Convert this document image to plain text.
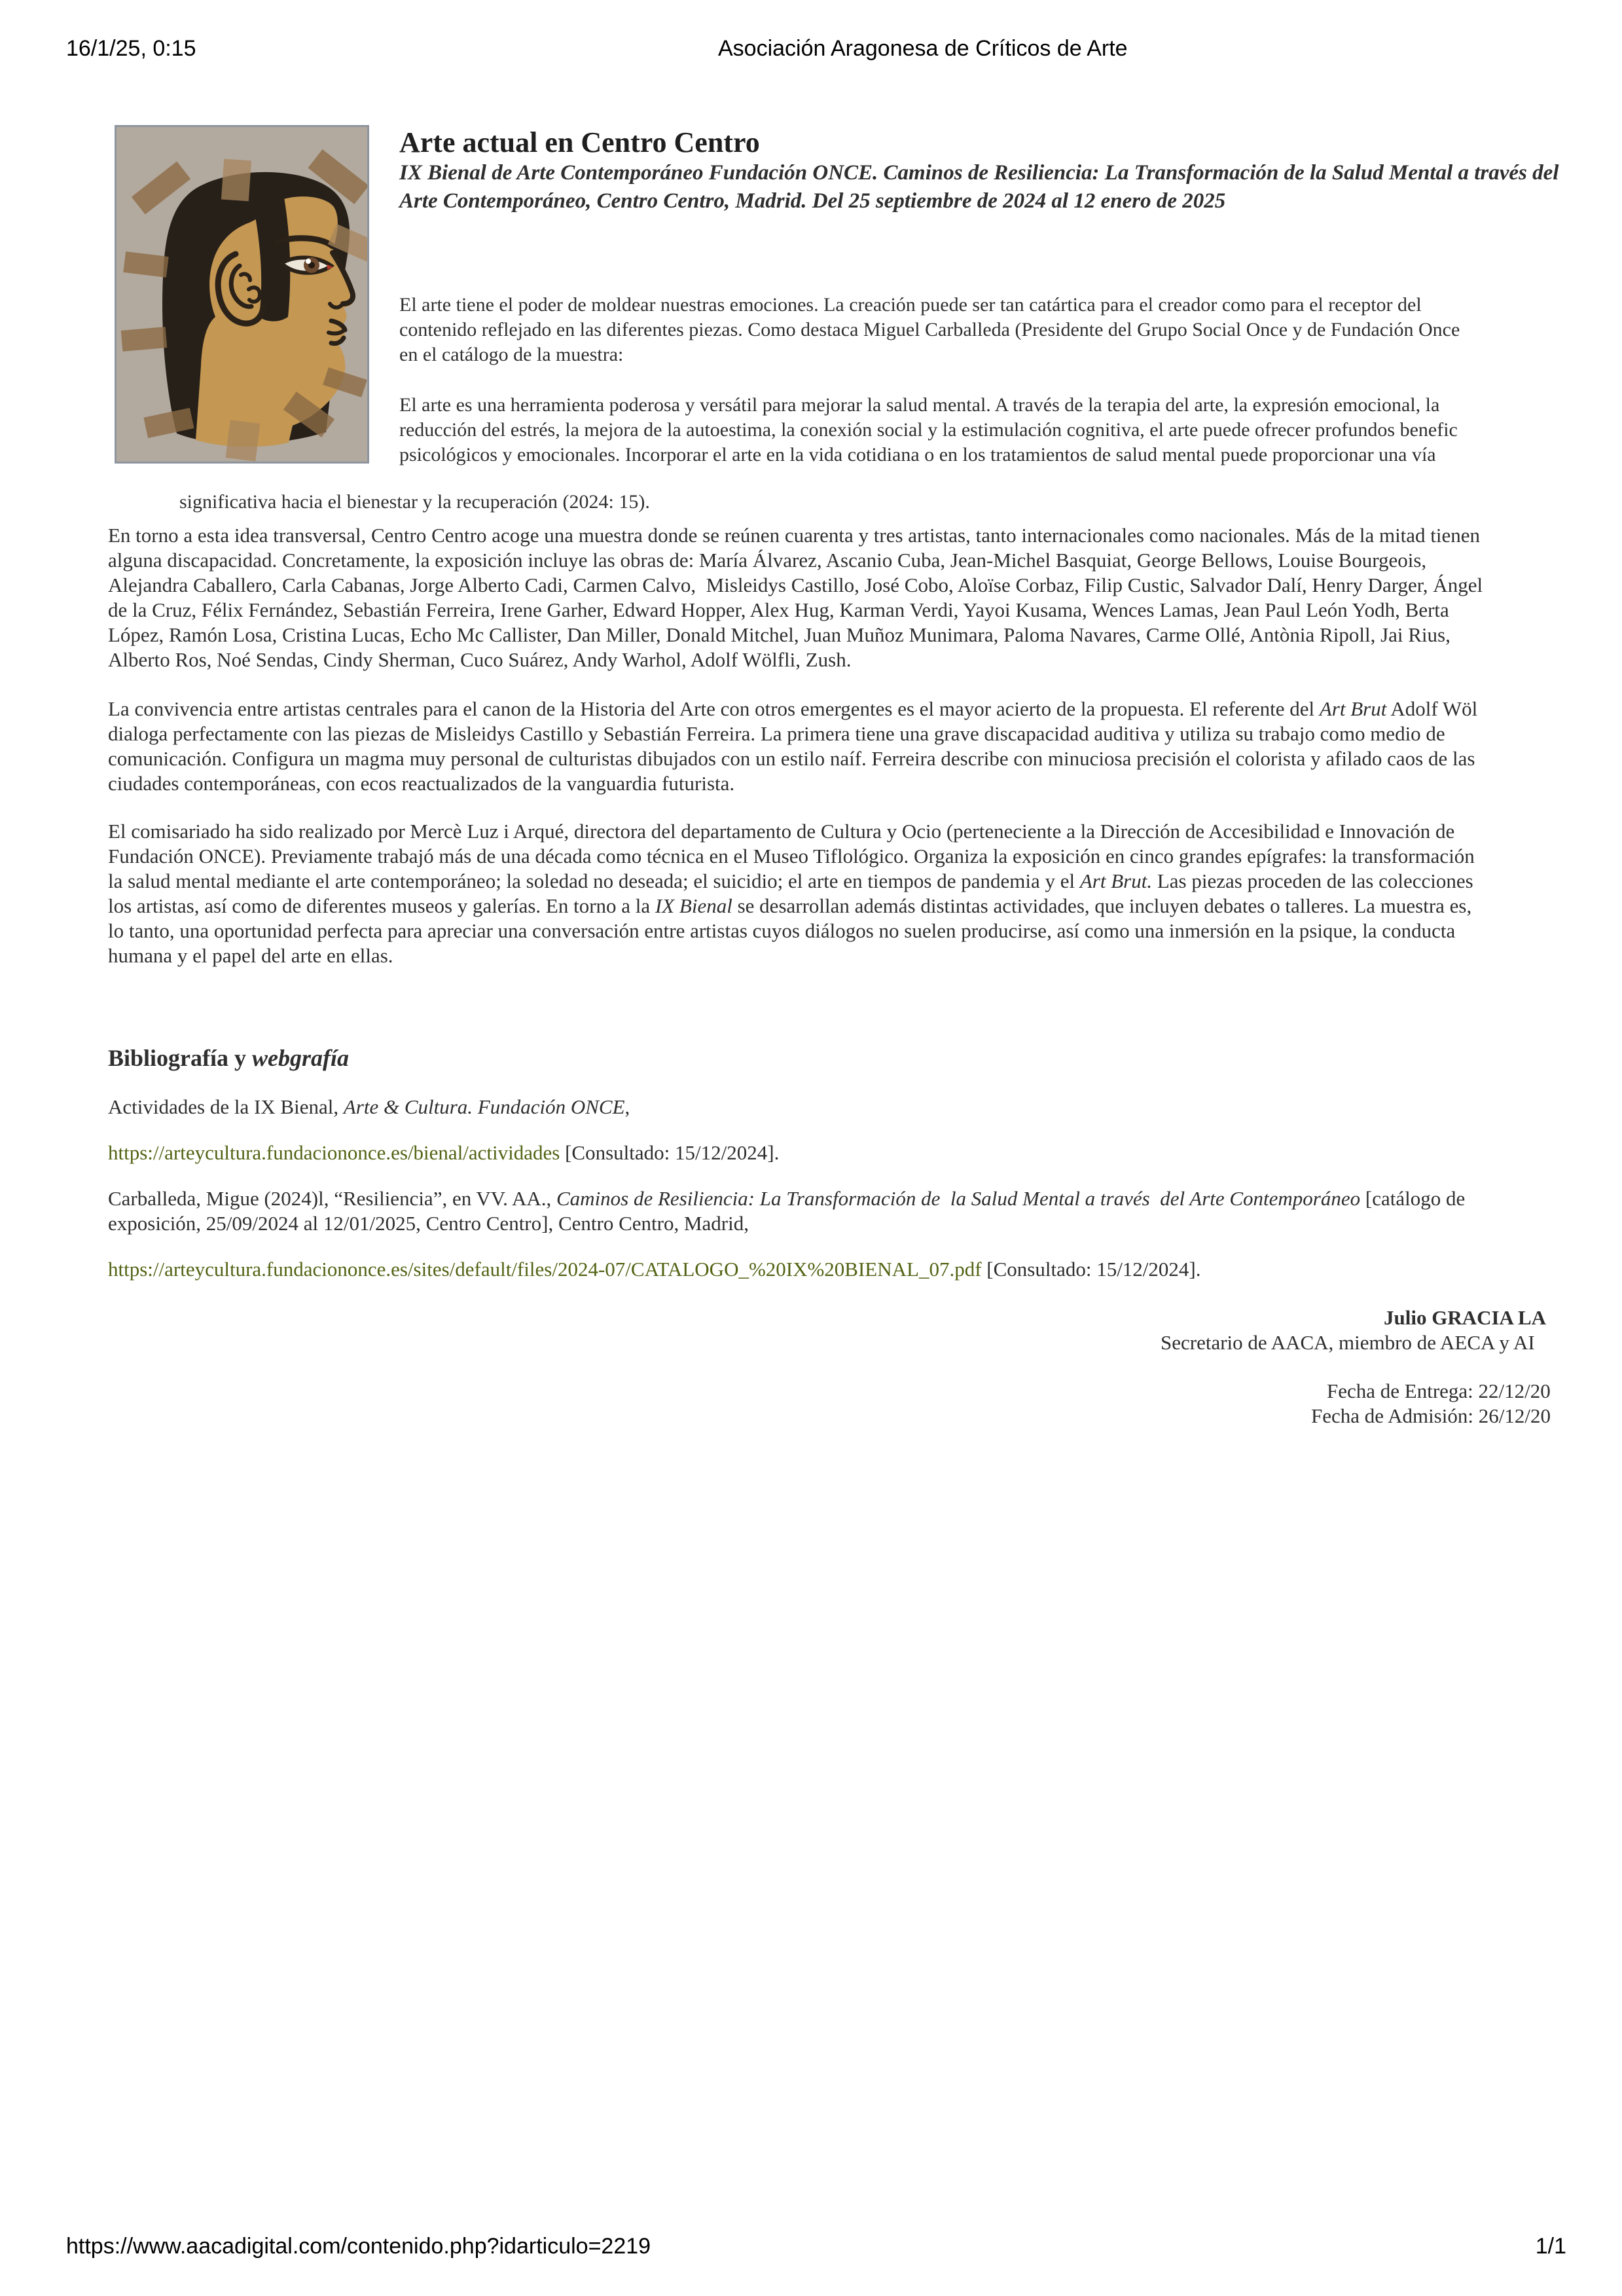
16/1/25, 0:15	Asociación Aragonesa de Críticos de Arte
Arte actual en Centro Centro
IX Bienal de Arte Contemporáneo Fundación ONCE. Caminos de Resiliencia: La Transformación de la Salud Mental a través del
Arte Contemporáneo, Centro Centro, Madrid. Del 25 septiembre de 2024 al 12 enero de 2025
El arte tiene el poder de moldear nuestras emociones. La creación puede ser tan catártica para el creador como para el receptor del
contenido reflejado en las diferentes piezas. Como destaca Miguel Carballeda (Presidente del Grupo Social Once y de Fundación Once
en el catálogo de la muestra:
El arte es una herramienta poderosa y versátil para mejorar la salud mental. A través de la terapia del arte, la expresión emocional, la
reducción del estrés, la mejora de la autoestima, la conexión social y la estimulación cognitiva, el arte puede ofrecer profundos benefic
psicológicos y emocionales. Incorporar el arte en la vida cotidiana o en los tratamientos de salud mental puede proporcionar una vía
significativa hacia el bienestar y la recuperación (2024: 15).
En torno a esta idea transversal, Centro Centro acoge una muestra donde se reúnen cuarenta y tres artistas, tanto internacionales como nacionales. Más de la mitad tienen
alguna discapacidad. Concretamente, la exposición incluye las obras de: María Álvarez, Ascanio Cuba, Jean-Michel Basquiat, George Bellows, Louise Bourgeois,
Alejandra Caballero, Carla Cabanas, Jorge Alberto Cadi, Carmen Calvo,  Misleidys Castillo, José Cobo, Aloïse Corbaz, Filip Custic, Salvador Dalí, Henry Darger, Ángel
de la Cruz, Félix Fernández, Sebastián Ferreira, Irene Garher, Edward Hopper, Alex Hug, Karman Verdi, Yayoi Kusama, Wences Lamas, Jean Paul León Yodh, Berta
López, Ramón Losa, Cristina Lucas, Echo Mc Callister, Dan Miller, Donald Mitchel, Juan Muñoz Munimara, Paloma Navares, Carme Ollé, Antònia Ripoll, Jai Rius,
Alberto Ros, Noé Sendas, Cindy Sherman, Cuco Suárez, Andy Warhol, Adolf Wölfli, Zush.
La convivencia entre artistas centrales para el canon de la Historia del Arte con otros emergentes es el mayor acierto de la propuesta. El referente del Art Brut Adolf Wöl
dialoga perfectamente con las piezas de Misleidys Castillo y Sebastián Ferreira. La primera tiene una grave discapacidad auditiva y utiliza su trabajo como medio de
comunicación. Configura un magma muy personal de culturistas dibujados con un estilo naíf. Ferreira describe con minuciosa precisión el colorista y afilado caos de las
ciudades contemporáneas, con ecos reactualizados de la vanguardia futurista.
El comisariado ha sido realizado por Mercè Luz i Arqué, directora del departamento de Cultura y Ocio (perteneciente a la Dirección de Accesibilidad e Innovación de
Fundación ONCE). Previamente trabajó más de una década como técnica en el Museo Tiflológico. Organiza la exposición en cinco grandes epígrafes: la transformación
la salud mental mediante el arte contemporáneo; la soledad no deseada; el suicidio; el arte en tiempos de pandemia y el Art Brut. Las piezas proceden de las colecciones
los artistas, así como de diferentes museos y galerías. En torno a la IX Bienal se desarrollan además distintas actividades, que incluyen debates o talleres. La muestra es,
lo tanto, una oportunidad perfecta para apreciar una conversación entre artistas cuyos diálogos no suelen producirse, así como una inmersión en la psique, la conducta
humana y el papel del arte en ellas.
Bibliografía y webgrafía
Actividades de la IX Bienal, Arte & Cultura. Fundación ONCE,
https://arteycultura.fundaciononce.es/bienal/actividades [Consultado: 15/12/2024].
Carballeda, Migue (2024)l, “Resiliencia”, en VV. AA., Caminos de Resiliencia: La Transformación de  la Salud Mental a través  del Arte Contemporáneo [catálogo de
exposición, 25/09/2024 al 12/01/2025, Centro Centro], Centro Centro, Madrid,
https://arteycultura.fundaciononce.es/sites/default/files/2024-07/CATALOGO_%20IX%20BIENAL_07.pdf [Consultado: 15/12/2024].
Julio GRACIA LA
Secretario de AACA, miembro de AECA y AI
Fecha de Entrega: 22/12/20
Fecha de Admisión: 26/12/20
https://www.aacadigital.com/contenido.php?idarticulo=2219	1/1
